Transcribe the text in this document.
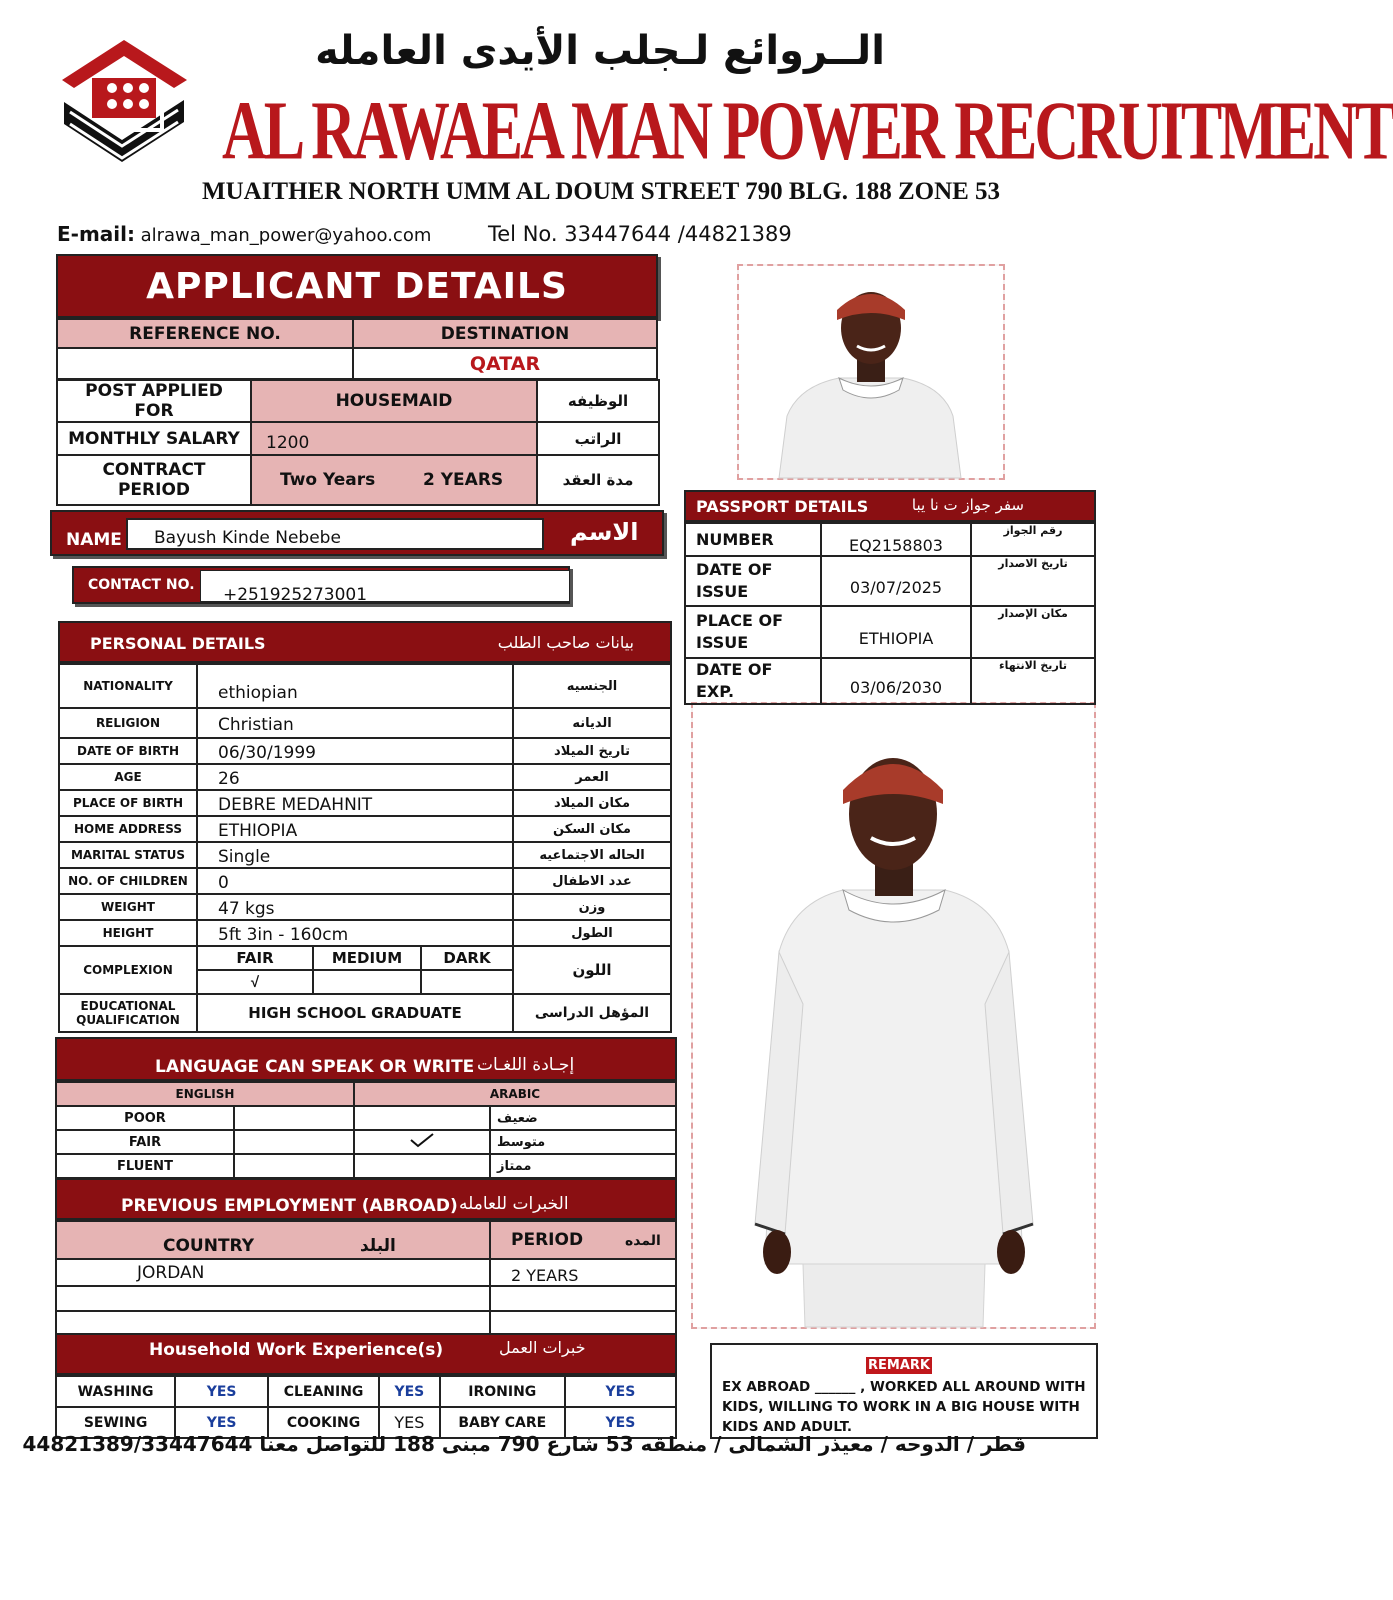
الــروائع لـجلب الأيدى العامله
AL RAWAEA MAN POWER RECRUITMENT
MUAITHER NORTH UMM AL DOUM STREET 790 BLG. 188 ZONE 53
E-mail: alrawa_man_power@yahoo.com	Tel No. 33447644 /44821389
APPLICANT DETAILS
REFERENCE NO.	DESTINATION
	QATAR
POST APPLIED FOR	HOUSEMAID	الوظيفه
MONTHLY SALARY	1200	الراتب
CONTRACT PERIOD	Two Years 2 YEARS	مدة العقد
NAME Bayush Kinde Nebebe	الاسم
CONTACT NO. +251925273001
PERSONAL DETAILS	بيانات صاحب الطلب
NATIONALITY	ethiopian			الجنسيه
RELIGION	Christian			الديانه
DATE OF BIRTH	06/30/1999			تاريخ الميلاد
AGE	26			العمر
PLACE OF BIRTH	DEBRE MEDAHNIT			مكان الميلاد
HOME ADDRESS	ETHIOPIA			مكان السكن
MARITAL STATUS	Single			الحاله الاجتماعيه
NO. OF CHILDREN	0			عدد الاطفال
WEIGHT	47 kgs			وزن
HEIGHT	5ft 3in - 160cm			الطول
COMPLEXION	FAIR	MEDIUM	DARK	اللون
	√			
EDUCATIONAL QUALIFICATION	HIGH SCHOOL GRADUATE			المؤهل الدراسى
PASSPORT DETAILS	سفر جواز ت نا يبا
NUMBER	EQ2158803	رقم الجواز
DATE OF ISSUE	03/07/2025	تاريخ الاصدار
PLACE OF ISSUE	ETHIOPIA	مكان الإصدار
DATE OF EXP.	03/06/2030	تاريخ الانتهاء
LANGUAGE CAN SPEAK OR WRITE إجـادة اللغـات
ENGLISH		ARABIC	
POOR			ضعيف
FAIR			متوسط
FLUENT			ممتاز
PREVIOUS EMPLOYMENT (ABROAD) الخبرات للعامله
COUNTRY البلد	PERIOD المده
JORDAN	2 YEARS

Household Work Experience(s)	خبرات العمل
WASHING	YES	CLEANING	YES	IRONING	YES
SEWING	YES	COOKING	YES	BABY CARE	YES
REMARK
EX ABROAD ______ , WORKED ALL AROUND WITH KIDS, WILLING TO WORK IN A BIG HOUSE WITH KIDS AND ADULT.
قطر / الدوحه / معيذر الشمالى / منطقه 53 شارع 790 مبنى 188 للتواصل معنا 44821389/33447644
